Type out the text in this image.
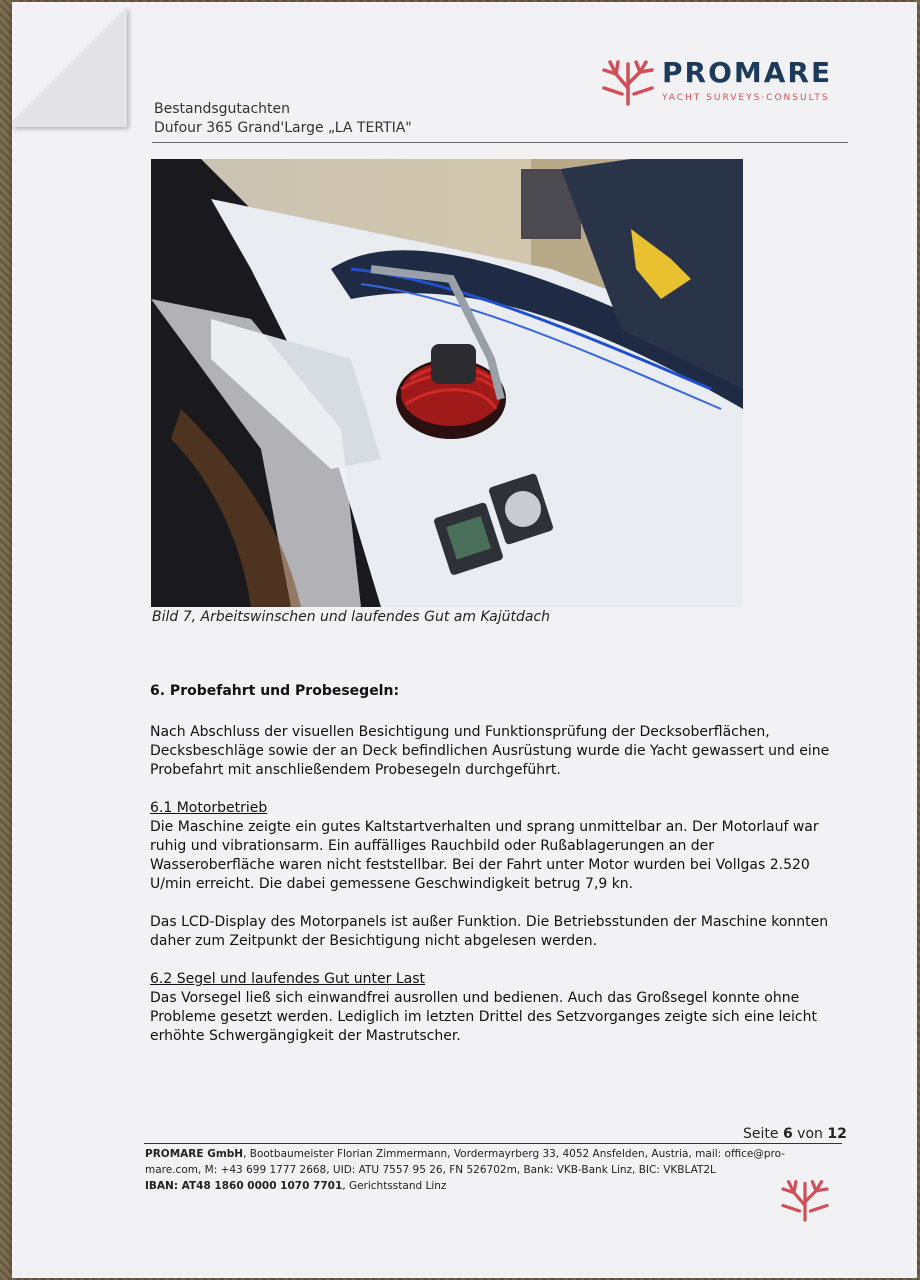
PROMARE
YACHT SURVEYS·CONSULTS
Bestandsgutachten
Dufour 365 Grand'Large „LA TERTIA"
Bild 7, Arbeitswinschen und laufendes Gut am Kajütdach
6. Probefahrt und Probesegeln:

Nach Abschluss der visuellen Besichtigung und Funktionsprüfung der Decksoberflächen, Decksbeschläge sowie der an Deck befindlichen Ausrüstung wurde die Yacht gewassert und eine Probefahrt mit anschließendem Probesegeln durchgeführt.

6.1 Motorbetrieb

Die Maschine zeigte ein gutes Kaltstartverhalten und sprang unmittelbar an. Der Motorlauf war ruhig und vibrationsarm. Ein auffälliges Rauchbild oder Rußablagerungen an der Wasseroberfläche waren nicht feststellbar. Bei der Fahrt unter Motor wurden bei Vollgas 2.520 U/min erreicht. Die dabei gemessene Geschwindigkeit betrug 7,9 kn.

Das LCD-Display des Motorpanels ist außer Funktion. Die Betriebsstunden der Maschine konnten daher zum Zeitpunkt der Besichtigung nicht abgelesen werden.

6.2 Segel und laufendes Gut unter Last

Das Vorsegel ließ sich einwandfrei ausrollen und bedienen. Auch das Großsegel konnte ohne Probleme gesetzt werden. Lediglich im letzten Drittel des Setzvorganges zeigte sich eine leicht erhöhte Schwergängigkeit der Mastrutscher.

Seite 6 von 12
PROMARE GmbH, Bootbaumeister Florian Zimmermann, Vordermayrberg 33, 4052 Ansfelden, Austria, mail: office@pro-
mare.com, M: +43 699 1777 2668, UID: ATU 7557 95 26, FN 526702m, Bank: VKB-Bank Linz, BIC: VKBLAT2L
IBAN: AT48 1860 0000 1070 7701, Gerichtsstand Linz
